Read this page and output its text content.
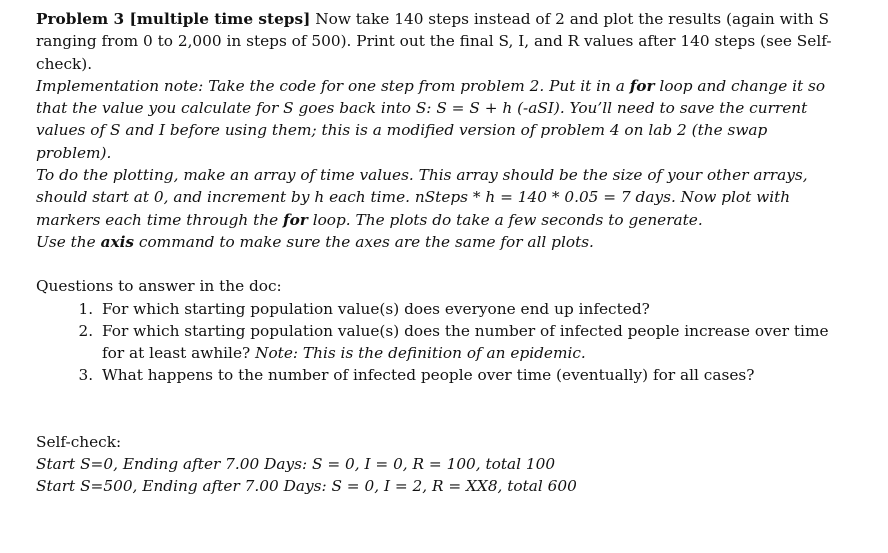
Problem 3 [multiple time steps] Now take 140 steps instead of 2 and plot the results (again with S ranging from 0 to 2,000 in steps of 500). Print out the final S, I, and R values after 140 steps (see Self-check).

Implementation note: Take the code for one step from problem 2. Put it in a for loop and change it so that the value you calculate for S goes back into S: S = S + h (-aSI). You’ll need to save the current values of S and I before using them; this is a modified version of problem 4 on lab 2 (the swap problem).

To do the plotting, make an array of time values. This array should be the size of your other arrays, should start at 0, and increment by h each time. nSteps * h = 140 * 0.05 = 7 days. Now plot with markers each time through the for loop. The plots do take a few seconds to generate.

Use the axis command to make sure the axes are the same for all plots.

Questions to answer in the doc:

1. For which starting population value(s) does everyone end up infected?
2. For which starting population value(s) does the number of infected people increase over time for at least awhile? Note: This is the definition of an epidemic.
3. What happens to the number of infected people over time (eventually) for all cases?

Self-check:

Start S=0, Ending after 7.00 Days: S = 0, I = 0, R = 100, total 100

Start S=500, Ending after 7.00 Days: S = 0, I = 2, R = XX8, total 600
